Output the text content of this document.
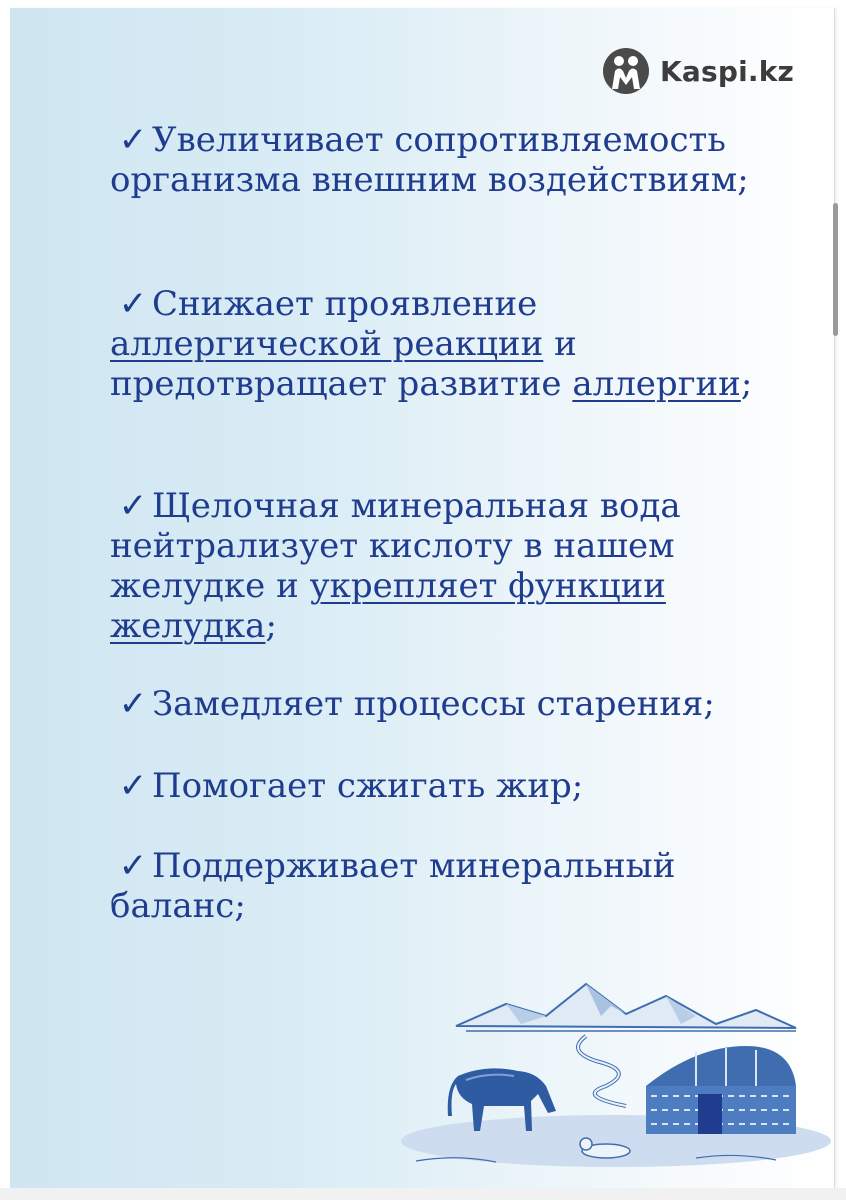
Kaspi.kz

✓ Увеличивает сопротивляемость организма внешним воздействиям;

✓ Снижает проявление аллергической реакции и предотвращает развитие аллергии;

✓ Щелочная минеральная вода нейтрализует кислоту в нашем желудке и укрепляет функции желудка;

✓ Замедляет процессы старения;

✓ Помогает сжигать жир;

✓ Поддерживает минеральный баланс;
